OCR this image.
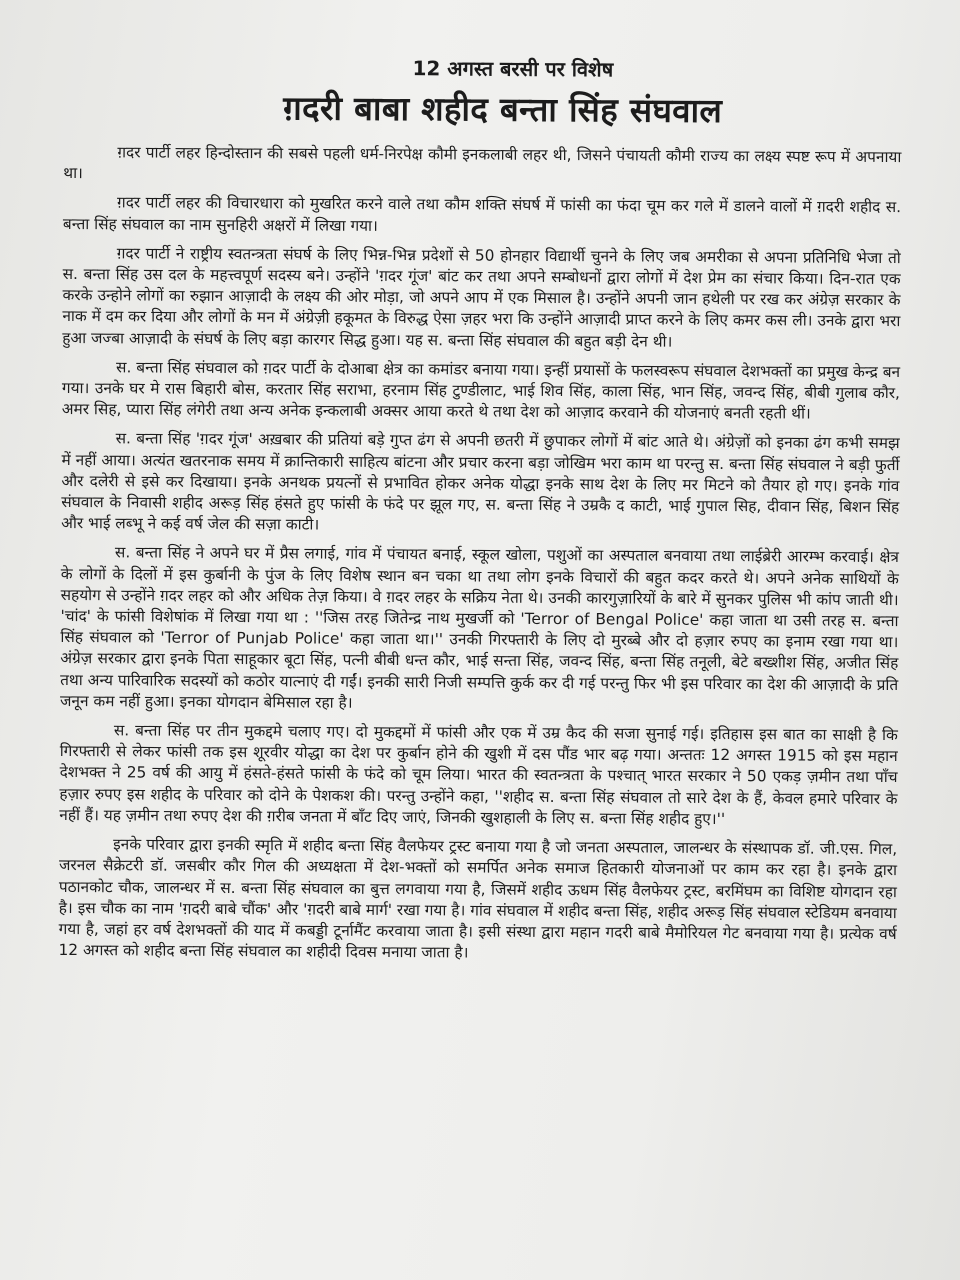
12 अगस्त बरसी पर विशेष
ग़दरी बाबा शहीद बन्ता सिंह संघवाल

ग़दर पार्टी लहर हिन्दोस्तान की सबसे पहली धर्म-निरपेक्ष कौमी इनकलाबी लहर थी, जिसने पंचायती कौमी राज्य का लक्ष्य स्पष्ट रूप में अपनाया था।

ग़दर पार्टी लहर की विचारधारा को मुखरित करने वाले तथा कौम शक्ति संघर्ष में फांसी का फंदा चूम कर गले में डालने वालों में ग़दरी शहीद स. बन्ता सिंह संघवाल का नाम सुनहिरी अक्षरों में लिखा गया।

ग़दर पार्टी ने राष्ट्रीय स्वतन्त्रता संघर्ष के लिए भिन्न-भिन्न प्रदेशों से 50 होनहार विद्यार्थी चुनने के लिए जब अमरीका से अपना प्रतिनिधि भेजा तो स. बन्ता सिंह उस दल के महत्त्वपूर्ण सदस्य बने। उन्होंने 'ग़दर गूंज' बांट कर तथा अपने सम्बोधनों द्वारा लोगों में देश प्रेम का संचार किया। दिन-रात एक करके उन्होने लोगों का रुझान आज़ादी के लक्ष्य की ओर मोड़ा, जो अपने आप में एक मिसाल है। उन्होंने अपनी जान हथेली पर रख कर अंग्रेज़ सरकार के नाक में दम कर दिया और लोगों के मन में अंग्रेज़ी हकूमत के विरुद्ध ऐसा ज़हर भरा कि उन्होंने आज़ादी प्राप्त करने के लिए कमर कस ली। उनके द्वारा भरा हुआ जज्बा आज़ादी के संघर्ष के लिए बड़ा कारगर सिद्ध हुआ। यह स. बन्ता सिंह संघवाल की बहुत बड़ी देन थी।

स. बन्ता सिंह संघवाल को ग़दर पार्टी के दोआबा क्षेत्र का कमांडर बनाया गया। इन्हीं प्रयासों के फलस्वरूप संघवाल देशभक्तों का प्रमुख केन्द्र बन गया। उनके घर मे रास बिहारी बोस, करतार सिंह सराभा, हरनाम सिंह टुण्डीलाट, भाई शिव सिंह, काला सिंह, भान सिंह, जवन्द सिंह, बीबी गुलाब कौर, अमर सिह, प्यारा सिंह लंगेरी तथा अन्य अनेक इन्कलाबी अक्सर आया करते थे तथा देश को आज़ाद करवाने की योजनाएं बनती रहती थीं।

स. बन्ता सिंह 'ग़दर गूंज' अख़बार की प्रतियां बड़े गुप्त ढंग से अपनी छतरी में छुपाकर लोगों में बांट आते थे। अंग्रेज़ों को इनका ढंग कभी समझ में नहीं आया। अत्यंत खतरनाक समय में क्रान्तिकारी साहित्य बांटना और प्रचार करना बड़ा जोखिम भरा काम था परन्तु स. बन्ता सिंह संघवाल ने बड़ी फुर्ती और दलेरी से इसे कर दिखाया। इनके अनथक प्रयत्नों से प्रभावित होकर अनेक योद्धा इनके साथ देश के लिए मर मिटने को तैयार हो गए। इनके गांव संघवाल के निवासी शहीद अरूड़ सिंह हंसते हुए फांसी के फंदे पर झूल गए, स. बन्ता सिंह ने उम्रकै द काटी, भाई गुपाल सिह, दीवान सिंह, बिशन सिंह और भाई लब्भू ने कई वर्ष जेल की सज़ा काटी।

स. बन्ता सिंह ने अपने घर में प्रैस लगाई, गांव में पंचायत बनाई, स्कूल खोला, पशुओं का अस्पताल बनवाया तथा लाईब्रेरी आरम्भ करवाई। क्षेत्र के लोगों के दिलों में इस कुर्बानी के पुंज के लिए विशेष स्थान बन चका था तथा लोग इनके विचारों की बहुत कदर करते थे। अपने अनेक साथियों के सहयोग से उन्होंने ग़दर लहर को और अधिक तेज़ किया। वे ग़दर लहर के सक्रिय नेता थे। उनकी कारगुज़ारियों के बारे में सुनकर पुलिस भी कांप जाती थी। 'चांद' के फांसी विशेषांक में लिखा गया था : ''जिस तरह जितेन्द्र नाथ मुखर्जी को 'Terror of Bengal Police' कहा जाता था उसी तरह स. बन्ता सिंह संघवाल को 'Terror of Punjab Police' कहा जाता था।'' उनकी गिरफ्तारी के लिए दो मुरब्बे और दो हज़ार रुपए का इनाम रखा गया था। अंग्रेज़ सरकार द्वारा इनके पिता साहूकार बूटा सिंह, पत्नी बीबी धन्त कौर, भाई सन्ता सिंह, जवन्द सिंह, बन्ता सिंह तनूली, बेटे बख्शीश सिंह, अजीत सिंह तथा अन्य पारिवारिक सदस्यों को कठोर यात्नाएं दी गईं। इनकी सारी निजी सम्पत्ति कुर्क कर दी गई परन्तु फिर भी इस परिवार का देश की आज़ादी के प्रति जनून कम नहीं हुआ। इनका योगदान बेमिसाल रहा है।

स. बन्ता सिंह पर तीन मुकद्दमे चलाए गए। दो मुकद्दमों में फांसी और एक में उम्र कैद की सजा सुनाई गई। इतिहास इस बात का साक्षी है कि गिरफ्तारी से लेकर फांसी तक इस शूरवीर योद्धा का देश पर कुर्बान होने की खुशी में दस पौंड भार बढ़ गया। अन्ततः 12 अगस्त 1915 को इस महान देशभक्त ने 25 वर्ष की आयु में हंसते-हंसते फांसी के फंदे को चूम लिया। भारत की स्वतन्त्रता के पश्चात् भारत सरकार ने 50 एकड़ ज़मीन तथा पाँच हज़ार रुपए इस शहीद के परिवार को दोने के पेशकश की। परन्तु उन्होंने कहा, ''शहीद स. बन्ता सिंह संघवाल तो सारे देश के हैं, केवल हमारे परिवार के नहीं हैं। यह ज़मीन तथा रुपए देश की ग़रीब जनता में बाँट दिए जाएं, जिनकी खुशहाली के लिए स. बन्ता सिंह शहीद हुए।''

इनके परिवार द्वारा इनकी स्मृति में शहीद बन्ता सिंह वैलफेयर ट्रस्ट बनाया गया है जो जनता अस्पताल, जालन्धर के संस्थापक डॉ. जी.एस. गिल, जरनल सैक्रेटरी डॉ. जसबीर कौर गिल की अध्यक्षता में देश-भक्तों को समर्पित अनेक समाज हितकारी योजनाओं पर काम कर रहा है। इनके द्वारा पठानकोट चौक, जालन्धर में स. बन्ता सिंह संघवाल का बुत्त लगवाया गया है, जिसमें शहीद ऊधम सिंह वैलफेयर ट्रस्ट, बरमिंघम का विशिष्ट योगदान रहा है। इस चौक का नाम 'ग़दरी बाबे चौंक' और 'ग़दरी बाबे मार्ग' रखा गया है। गांव संघवाल में शहीद बन्ता सिंह, शहीद अरूड़ सिंह संघवाल स्टेडियम बनवाया गया है, जहां हर वर्ष देशभक्तों की याद में कबड्डी टूर्नामैंट करवाया जाता है। इसी संस्था द्वारा महान गदरी बाबे मैमोरियल गेट बनवाया गया है। प्रत्येक वर्ष 12 अगस्त को शहीद बन्ता सिंह संघवाल का शहीदी दिवस मनाया जाता है।
